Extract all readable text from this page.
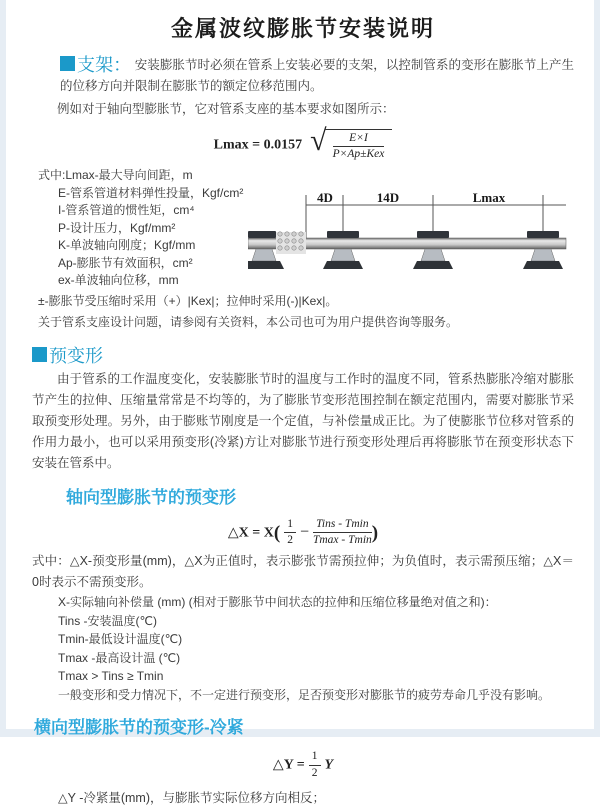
金属波纹膨胀节安装说明

支架： 安装膨胀节时必须在管系上安装必要的支架，以控制管系的变形在膨胀节上产生的位移方向并限制在膨胀节的额定位移范围内。

例如对于轴向型膨胀节，它对管系支座的基本要求如图所示：

Lmax = 0.0157 √ $\frac{E\times I}{\text{P×Ap±Kex}}$
式中:Lmax-最大导向间距，m
E-管系管道材料弹性投量，Kgf/cm²
I-管系管道的惯性矩，cm⁴
P-设计压力，Kgf/mm²
K-单波轴向刚度；Kgf/mm
Ap-膨胀节有效面积，cm²
ex-单波轴向位移，mm
4D	14D	Lmax
±-膨胀节受压缩时采用（+）|Kex|；拉伸时采用(-)|Kex|。
关于管系支座设计问题，请参阅有关资料，本公司也可为用户提供咨询等服务。

预变形

由于管系的工作温度变化，安装膨胀节时的温度与工作时的温度不同，管系热膨胀冷缩对膨胀节产生的拉伸、压缩量常常是不均等的，为了膨胀节变形范围控制在额定范围内，需要对膨胀节采取预变形处理。另外，由于膨账节刚度是一个定值，与补偿量成正比。为了使膨胀节位移对管系的作用力最小，也可以采用预变形(冷紧)方让对膨胀节进行预变形处理后再将膨胀节在预变形状态下安装在管系中。

轴向型膨胀节的预变形
△X = $X( \frac{1}{2} - \frac{\text{Tins - Tmin}}{Tmax - Tmin}$ )

式中：△X-预变形量(mm)，△X为正值时，表示膨张节需预拉伸；为负值时，表示需预压缩；△X＝0时表示不需预变形。

X-实际轴向补偿量 (mm) (相对于膨胀节中间状态的拉伸和压缩位移量绝对值之和)：
Tins -安装温度(℃)
Tmin-最低设计温度(℃)
Tmax -最高设计温 (℃)
Tmax > Tins ≥ Tmin
一般变形和受力情况下，不一定进行预变形，足否预变形对膨胀节的疲劳寿命几乎没有影响。
横向型膨胀节的预变形-冷紧
△Y = $\frac{1}{2}$ Y
△Y -冷紧量(mm)，与膨胀节实际位移方向相反；
